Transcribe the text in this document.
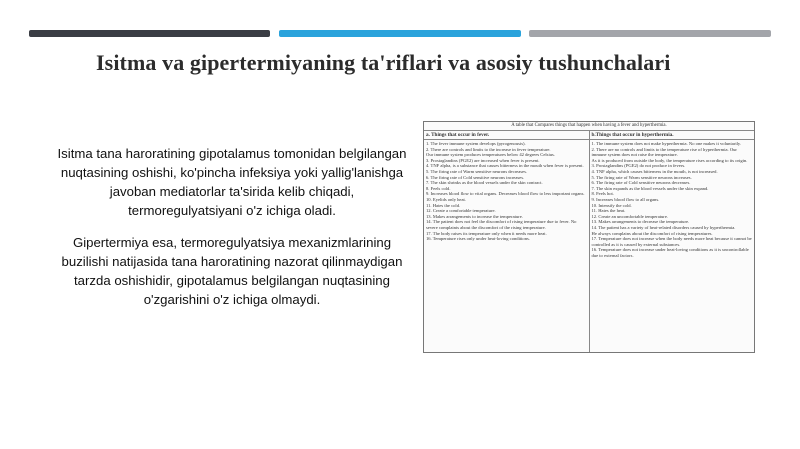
Isitma va gipertermiyaning ta'riflari va asosiy tushunchalari
Isitma tana haroratining gipotalamus tomonidan belgilangan nuqtasining oshishi, ko'pincha infeksiya yoki yallig'lanishga javoban mediatorlar ta'sirida kelib chiqadi, termoregulyatsiyani o'z ichiga oladi.
Gipertermiya esa, termoregulyatsiya mexanizmlarining buzilishi natijasida tana haroratining nazorat qilinmaydigan tarzda oshishidir, gipotalamus belgilangan nuqtasining o'zgarishini o'z ichiga olmaydi.
A table that Compares things that happen when having a fever and hyperthermia.
a. Things that occur in fever.	b.Things that occur in hyperthermia.

1. The fever immune system develops (pyrogenousis).

2. There are controls and limits to the increase in fever temperature.

Our immune system produces temperatures below 42 degrees Celsius.

3. Prostaglandins (PGE2) are increased when fever is present.

4. TNF alpha, is a substance that causes bitterness in the mouth when fever is present.

5. The firing rate of Warm sensitive neurons decreases.

6. The firing rate of Cold sensitive neurons increases.

7. The skin shrinks as the blood vessels under the skin contract.

8. Feels cold.

9. Increases blood flow to vital organs. Decreases blood flow to less important organs.

10. Eyelids only heat.

11. Hates the cold.

12. Create a comfortable temperature.

13. Makes arrangements to increase the temperature.

14. The patient does not feel the discomfort of rising temperature due to fever. No severe complaints about the discomfort of the rising temperature.

17. The body raises its temperature only when it needs more heat.

16. Temperature rises only under heat-loving conditions.

1. The immune system does not make hyperthermia. No one makes it voluntarily.

2. There are no controls and limits to the temperature rise of hyperthermia. Our immune system does not raise the temperature.

As it is produced from outside the body, the temperature rises according to its origin.

3. Prostaglandins (PGE2) do not produce in fevers.

4. TNF alpha, which causes bitterness in the mouth, is not increased.

5. The firing rate of Warm sensitive neurons increases.

6. The firing rate of Cold sensitive neurons decreases.

7. The skin expands as the blood vessels under the skin expand.

8. Feels hot.

9. Increases blood flow to all organs.

10. Intensify the cold.

11. Hates the heat.

12. Create an uncomfortable temperature.

13. Makes arrangements to decrease the temperature.

14. The patient has a variety of heat-related disorders caused by hyperthermia.

He always complains about the discomfort of rising temperatures.

17. Temperature does not increase when the body needs more heat because it cannot be controlled as it is caused by external substances.

16. Temperature does not increase under heat-loving conditions as it is uncontrollable due to external factors.
